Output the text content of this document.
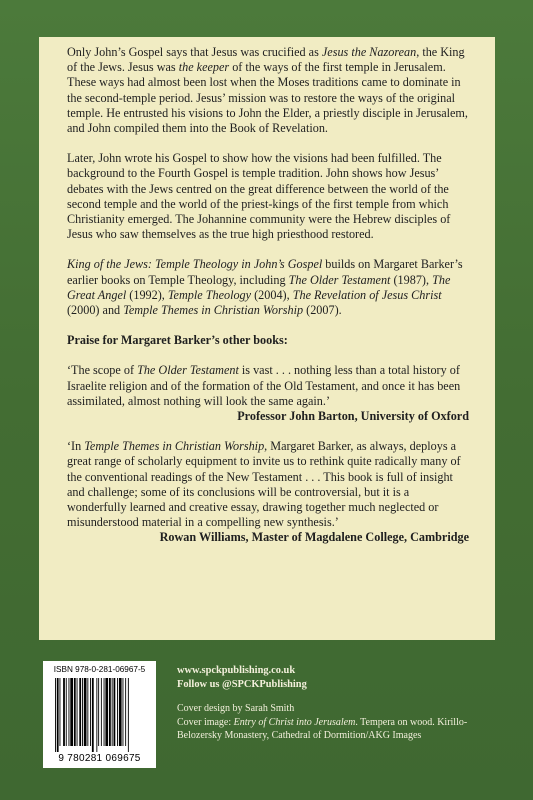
Only John’s Gospel says that Jesus was crucified as Jesus the Nazorean, the King of the Jews. Jesus was the keeper of the ways of the first temple in Jerusalem. These ways had almost been lost when the Moses traditions came to dominate in the second-temple period. Jesus’ mission was to restore the ways of the original temple. He entrusted his visions to John the Elder, a priestly disciple in Jerusalem, and John compiled them into the Book of Revelation.

Later, John wrote his Gospel to show how the visions had been fulfilled. The background to the Fourth Gospel is temple tradition. John shows how Jesus’ debates with the Jews centred on the great difference between the world of the second temple and the world of the priest-kings of the first temple from which Christianity emerged. The Johannine community were the Hebrew disciples of Jesus who saw themselves as the true high priesthood restored.

King of the Jews: Temple Theology in John’s Gospel builds on Margaret Barker’s earlier books on Temple Theology, including The Older Testament (1987), The Great Angel (1992), Temple Theology (2004), The Revelation of Jesus Christ (2000) and Temple Themes in Christian Worship (2007).

Praise for Margaret Barker’s other books:

‘The scope of The Older Testament is vast . . . nothing less than a total history of Israelite religion and of the formation of the Old Testament, and once it has been assimilated, almost nothing will look the same again.’

Professor John Barton, University of Oxford

‘In Temple Themes in Christian Worship, Margaret Barker, as always, deploys a great range of scholarly equipment to invite us to rethink quite radically many of the conventional readings of the New Testament . . . This book is full of insight and challenge; some of its conclusions will be controversial, but it is a wonderfully learned and creative essay, drawing together much neglected or misunderstood material in a compelling new synthesis.’

Rowan Williams, Master of Magdalene College, Cambridge
ISBN 978-0-281-06967-5
9 780281 069675
www.spckpublishing.co.uk
Follow us @SPCKPublishing
Cover design by Sarah Smith
Cover image: Entry of Christ into Jerusalem. Tempera on wood. Kirillo-Belozersky Monastery, Cathedral of Dormition/AKG Images
